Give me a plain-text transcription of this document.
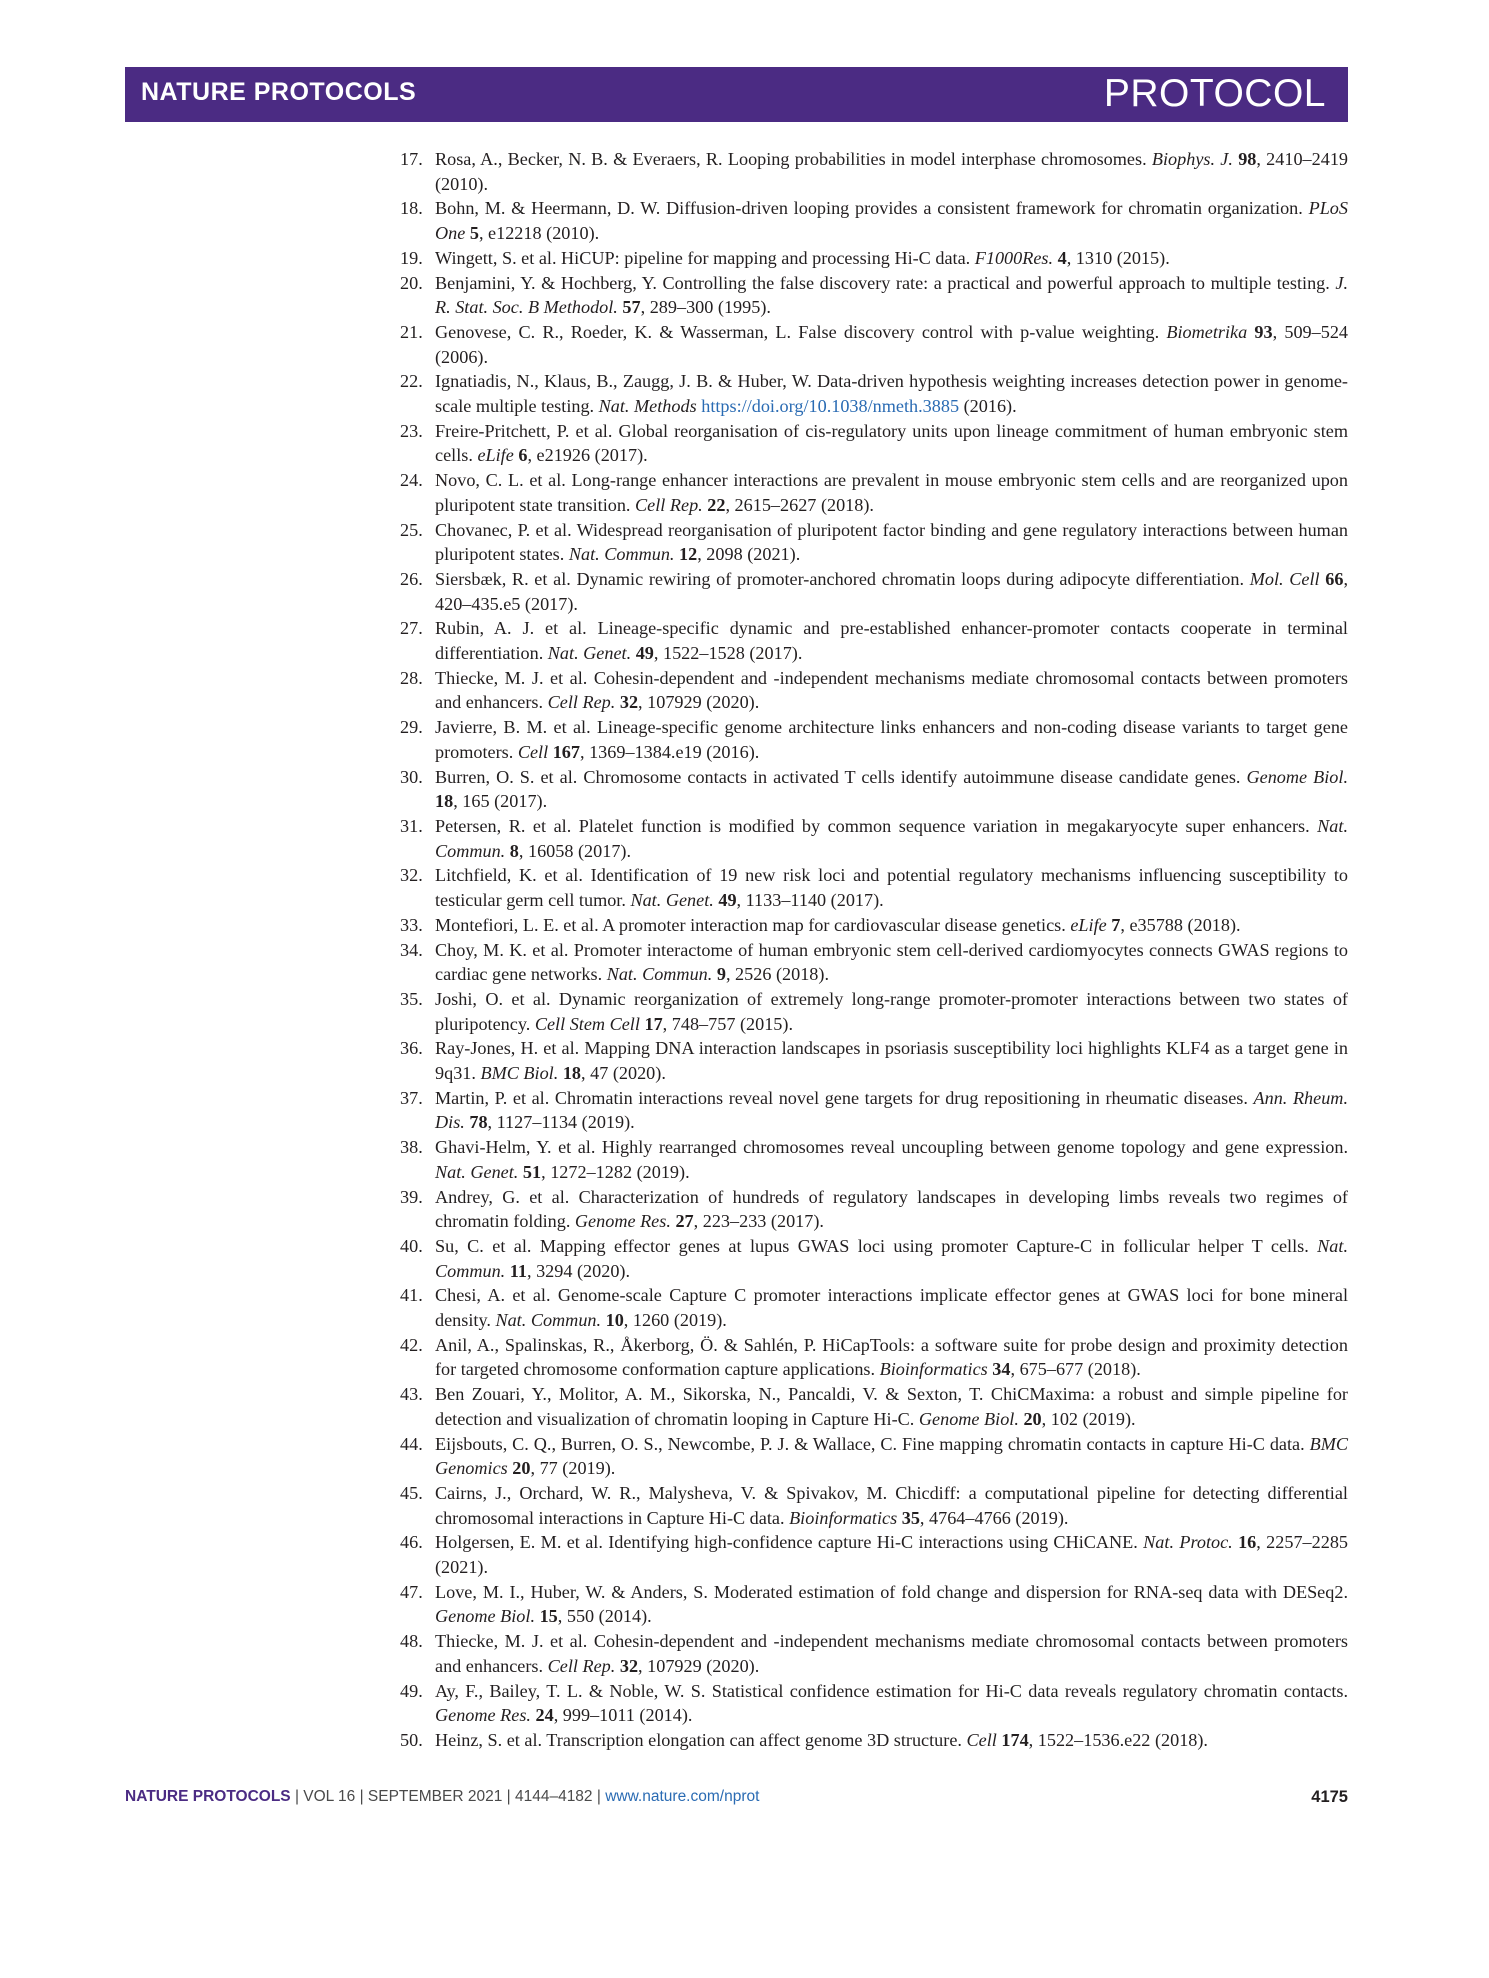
NATURE PROTOCOLS	PROTOCOL
17. Rosa, A., Becker, N. B. & Everaers, R. Looping probabilities in model interphase chromosomes. Biophys. J. 98, 2410–2419 (2010).
18. Bohn, M. & Heermann, D. W. Diffusion-driven looping provides a consistent framework for chromatin organization. PLoS One 5, e12218 (2010).
19. Wingett, S. et al. HiCUP: pipeline for mapping and processing Hi-C data. F1000Res. 4, 1310 (2015).
20. Benjamini, Y. & Hochberg, Y. Controlling the false discovery rate: a practical and powerful approach to multiple testing. J. R. Stat. Soc. B Methodol. 57, 289–300 (1995).
21. Genovese, C. R., Roeder, K. & Wasserman, L. False discovery control with p-value weighting. Biometrika 93, 509–524 (2006).
22. Ignatiadis, N., Klaus, B., Zaugg, J. B. & Huber, W. Data-driven hypothesis weighting increases detection power in genome-scale multiple testing. Nat. Methods https://doi.org/10.1038/nmeth.3885 (2016).
23. Freire-Pritchett, P. et al. Global reorganisation of cis-regulatory units upon lineage commitment of human embryonic stem cells. eLife 6, e21926 (2017).
24. Novo, C. L. et al. Long-range enhancer interactions are prevalent in mouse embryonic stem cells and are reorganized upon pluripotent state transition. Cell Rep. 22, 2615–2627 (2018).
25. Chovanec, P. et al. Widespread reorganisation of pluripotent factor binding and gene regulatory interactions between human pluripotent states. Nat. Commun. 12, 2098 (2021).
26. Siersbæk, R. et al. Dynamic rewiring of promoter-anchored chromatin loops during adipocyte differentiation. Mol. Cell 66, 420–435.e5 (2017).
27. Rubin, A. J. et al. Lineage-specific dynamic and pre-established enhancer-promoter contacts cooperate in terminal differentiation. Nat. Genet. 49, 1522–1528 (2017).
28. Thiecke, M. J. et al. Cohesin-dependent and -independent mechanisms mediate chromosomal contacts between promoters and enhancers. Cell Rep. 32, 107929 (2020).
29. Javierre, B. M. et al. Lineage-specific genome architecture links enhancers and non-coding disease variants to target gene promoters. Cell 167, 1369–1384.e19 (2016).
30. Burren, O. S. et al. Chromosome contacts in activated T cells identify autoimmune disease candidate genes. Genome Biol. 18, 165 (2017).
31. Petersen, R. et al. Platelet function is modified by common sequence variation in megakaryocyte super enhancers. Nat. Commun. 8, 16058 (2017).
32. Litchfield, K. et al. Identification of 19 new risk loci and potential regulatory mechanisms influencing susceptibility to testicular germ cell tumor. Nat. Genet. 49, 1133–1140 (2017).
33. Montefiori, L. E. et al. A promoter interaction map for cardiovascular disease genetics. eLife 7, e35788 (2018).
34. Choy, M. K. et al. Promoter interactome of human embryonic stem cell-derived cardiomyocytes connects GWAS regions to cardiac gene networks. Nat. Commun. 9, 2526 (2018).
35. Joshi, O. et al. Dynamic reorganization of extremely long-range promoter-promoter interactions between two states of pluripotency. Cell Stem Cell 17, 748–757 (2015).
36. Ray-Jones, H. et al. Mapping DNA interaction landscapes in psoriasis susceptibility loci highlights KLF4 as a target gene in 9q31. BMC Biol. 18, 47 (2020).
37. Martin, P. et al. Chromatin interactions reveal novel gene targets for drug repositioning in rheumatic diseases. Ann. Rheum. Dis. 78, 1127–1134 (2019).
38. Ghavi-Helm, Y. et al. Highly rearranged chromosomes reveal uncoupling between genome topology and gene expression. Nat. Genet. 51, 1272–1282 (2019).
39. Andrey, G. et al. Characterization of hundreds of regulatory landscapes in developing limbs reveals two regimes of chromatin folding. Genome Res. 27, 223–233 (2017).
40. Su, C. et al. Mapping effector genes at lupus GWAS loci using promoter Capture-C in follicular helper T cells. Nat. Commun. 11, 3294 (2020).
41. Chesi, A. et al. Genome-scale Capture C promoter interactions implicate effector genes at GWAS loci for bone mineral density. Nat. Commun. 10, 1260 (2019).
42. Anil, A., Spalinskas, R., Åkerborg, Ö. & Sahlén, P. HiCapTools: a software suite for probe design and proximity detection for targeted chromosome conformation capture applications. Bioinformatics 34, 675–677 (2018).
43. Ben Zouari, Y., Molitor, A. M., Sikorska, N., Pancaldi, V. & Sexton, T. ChiCMaxima: a robust and simple pipeline for detection and visualization of chromatin looping in Capture Hi-C. Genome Biol. 20, 102 (2019).
44. Eijsbouts, C. Q., Burren, O. S., Newcombe, P. J. & Wallace, C. Fine mapping chromatin contacts in capture Hi-C data. BMC Genomics 20, 77 (2019).
45. Cairns, J., Orchard, W. R., Malysheva, V. & Spivakov, M. Chicdiff: a computational pipeline for detecting differential chromosomal interactions in Capture Hi-C data. Bioinformatics 35, 4764–4766 (2019).
46. Holgersen, E. M. et al. Identifying high-confidence capture Hi-C interactions using CHiCANE. Nat. Protoc. 16, 2257–2285 (2021).
47. Love, M. I., Huber, W. & Anders, S. Moderated estimation of fold change and dispersion for RNA-seq data with DESeq2. Genome Biol. 15, 550 (2014).
48. Thiecke, M. J. et al. Cohesin-dependent and -independent mechanisms mediate chromosomal contacts between promoters and enhancers. Cell Rep. 32, 107929 (2020).
49. Ay, F., Bailey, T. L. & Noble, W. S. Statistical confidence estimation for Hi-C data reveals regulatory chromatin contacts. Genome Res. 24, 999–1011 (2014).
50. Heinz, S. et al. Transcription elongation can affect genome 3D structure. Cell 174, 1522–1536.e22 (2018).
NATURE PROTOCOLS | VOL 16 | SEPTEMBER 2021 | 4144–4182 | www.nature.com/nprot	4175
